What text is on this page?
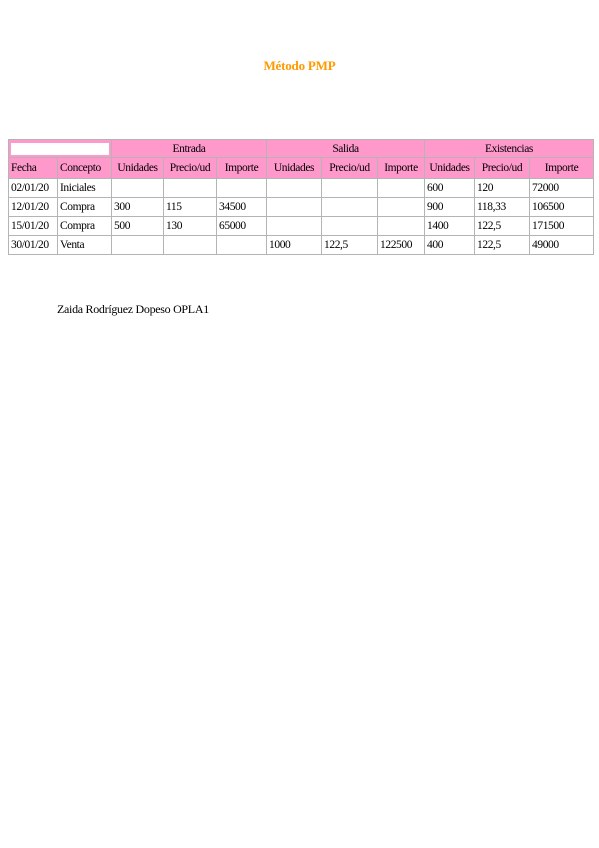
Método PMP
		Entrada			Salida			Existencias		
Fecha	Concepto	Unidades	Precio/ud	Importe	Unidades	Precio/ud	Importe	Unidades	Precio/ud	Importe
02/01/20	Iniciales							600	120	72000
12/01/20	Compra	300	115	34500				900	118,33	106500
15/01/20	Compra	500	130	65000				1400	122,5	171500
30/01/20	Venta				1000	122,5	122500	400	122,5	49000
Zaida Rodríguez Dopeso OPLA1
